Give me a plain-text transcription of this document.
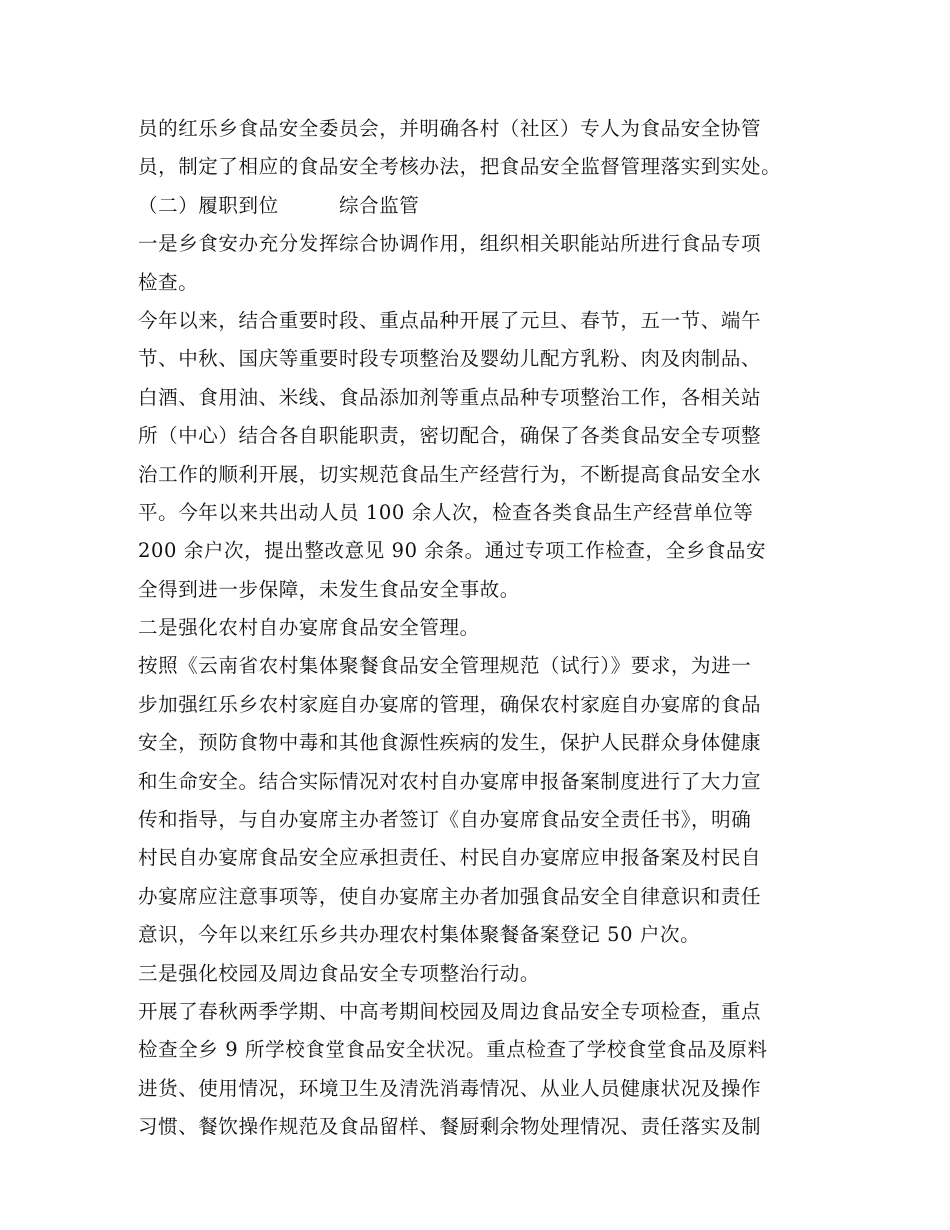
员的红乐乡食品安全委员会，并明确各村（社区）专人为食品安全协管
员，制定了相应的食品安全考核办法，把食品安全监督管理落实到实处。
（二）履职到位　　　综合监管
一是乡食安办充分发挥综合协调作用，组织相关职能站所进行食品专项
检查。
今年以来，结合重要时段、重点品种开展了元旦、春节，五一节、端午
节、中秋、国庆等重要时段专项整治及婴幼儿配方乳粉、肉及肉制品、
白酒、食用油、米线、食品添加剂等重点品种专项整治工作，各相关站
所（中心）结合各自职能职责，密切配合，确保了各类食品安全专项整
治工作的顺利开展，切实规范食品生产经营行为，不断提高食品安全水
平。今年以来共出动人员 100 余人次，检查各类食品生产经营单位等
200 余户次，提出整改意见 90 余条。通过专项工作检查，全乡食品安
全得到进一步保障，未发生食品安全事故。
二是强化农村自办宴席食品安全管理。
按照《云南省农村集体聚餐食品安全管理规范（试行）》要求，为进一
步加强红乐乡农村家庭自办宴席的管理，确保农村家庭自办宴席的食品
安全，预防食物中毒和其他食源性疾病的发生，保护人民群众身体健康
和生命安全。结合实际情况对农村自办宴席申报备案制度进行了大力宣
传和指导，与自办宴席主办者签订《自办宴席食品安全责任书》，明确
村民自办宴席食品安全应承担责任、村民自办宴席应申报备案及村民自
办宴席应注意事项等，使自办宴席主办者加强食品安全自律意识和责任
意识，今年以来红乐乡共办理农村集体聚餐备案登记 50 户次。
三是强化校园及周边食品安全专项整治行动。
开展了春秋两季学期、中高考期间校园及周边食品安全专项检查，重点
检查全乡 9 所学校食堂食品安全状况。重点检查了学校食堂食品及原料
进货、使用情况，环境卫生及清洗消毒情况、从业人员健康状况及操作
习惯、餐饮操作规范及食品留样、餐厨剩余物处理情况、责任落实及制
